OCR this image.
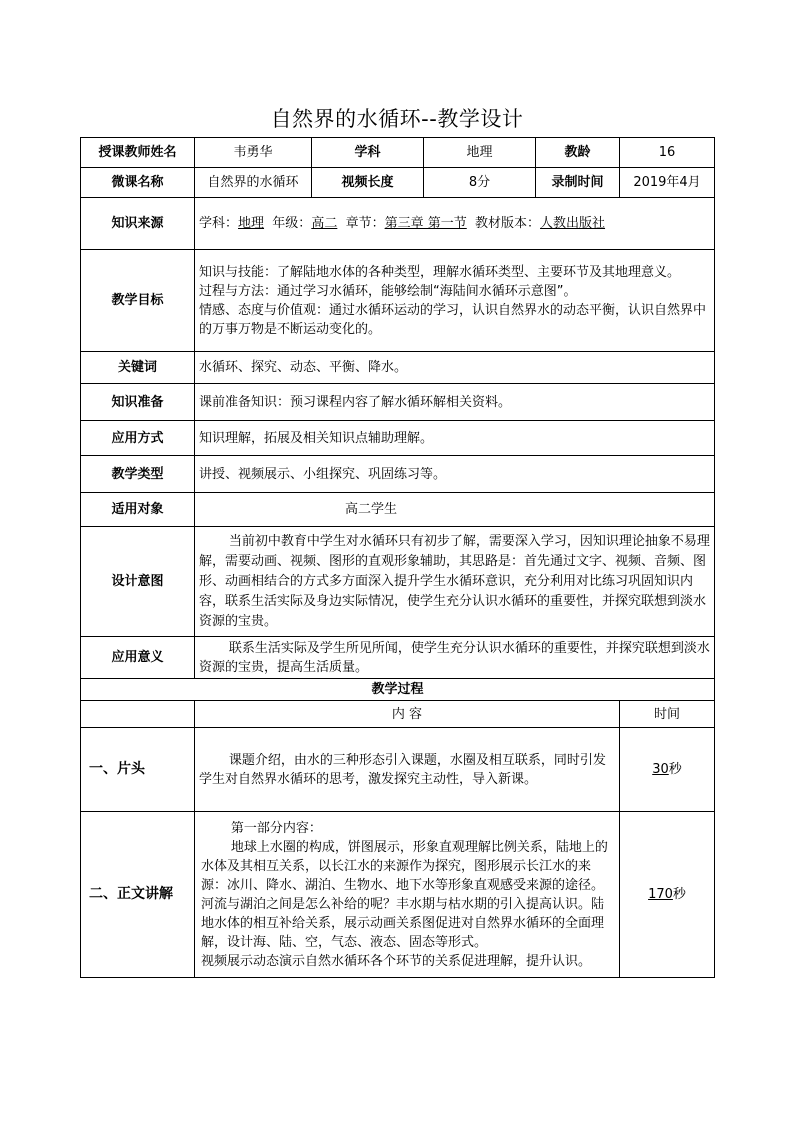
自然界的水循环--教学设计
授课教师姓名	韦勇华	学科	地理	教龄	16
微课名称	自然界的水循环	视频长度	8分	录制时间	2019年4月
知识来源	学科：地理 年级：高二 章节：第三章 第一节 教材版本：人教出版社				
教学目标	知识与技能：了解陆地水体的各种类型，理解水循环类型、主要环节及其地理意义。
过程与方法：通过学习水循环，能够绘制“海陆间水循环示意图”。
情感、态度与价值观：通过水循环运动的学习，认识自然界水的动态平衡，认识自然界中的万事万物是不断运动变化的。				

关键词	水循环、探究、动态、平衡、降水。				
知识准备	课前准备知识：预习课程内容了解水循环解相关资料。				
应用方式	知识理解，拓展及相关知识点辅助理解。				
教学类型	讲授、视频展示、小组探究、巩固练习等。				
适用对象	高二学生				
设计意图	当前初中教育中学生对水循环只有初步了解，需要深入学习，因知识理论抽象不易理解，需要动画、视频、图形的直观形象辅助，其思路是：首先通过文字、视频、音频、图形、动画相结合的方式多方面深入提升学生水循环意识，充分利用对比练习巩固知识内容，联系生活实际及身边实际情况，使学生充分认识水循环的重要性，并探究联想到淡水资源的宝贵。				
应用意义	联系生活实际及学生所见所闻，使学生充分认识水循环的重要性，并探究联想到淡水资源的宝贵，提高生活质量。				
教学过程					
	内 容				时间
一、片头	课题介绍，由水的三种形态引入课题，水圈及相互联系，同时引发学生对自然界水循环的思考，激发探究主动性，导入新课。				30秒
二、正文讲解	第一部分内容：
地球上水圈的构成，饼图展示，形象直观理解比例关系，陆地上的水体及其相互关系，以长江水的来源作为探究，图形展示长江水的来源：冰川、降水、湖泊、生物水、地下水等形象直观感受来源的途径。河流与湖泊之间是怎么补给的呢？丰水期与枯水期的引入提高认识。陆地水体的相互补给关系，展示动画关系图促进对自然界水循环的全面理解，设计海、陆、空，气态、液态、固态等形式。
视频展示动态演示自然水循环各个环节的关系促进理解，提升认识。				170秒
